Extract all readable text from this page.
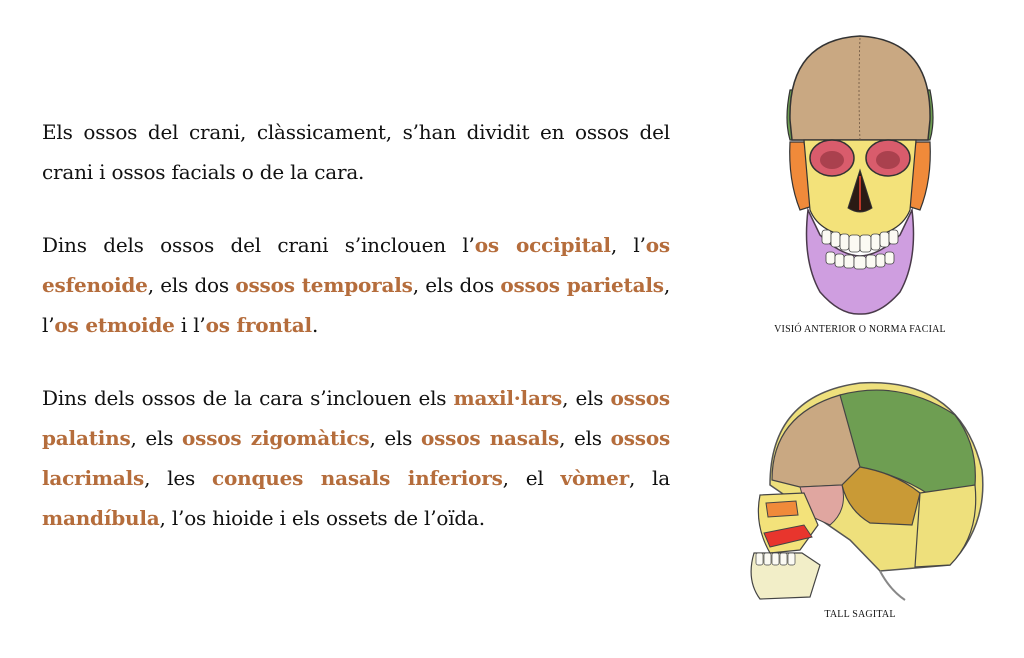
Els ossos del crani, clàssicament, s’han dividit en ossos del crani i ossos facials o de la cara.

Dins dels ossos del crani s’inclouen l’os occipital, l’os esfenoide, els dos ossos temporals, els dos ossos parietals, l’os etmoide i l’os frontal.

Dins dels ossos de la cara s’inclouen els maxil·lars, els ossos palatins, els ossos zigomàtics, els ossos nasals, els ossos lacrimals, les conques nasals inferiors, el vòmer, la mandíbula, l’os hioide i els ossets de l’oïda.

VISIÓ ANTERIOR O NORMA FACIAL
TALL SAGITAL
